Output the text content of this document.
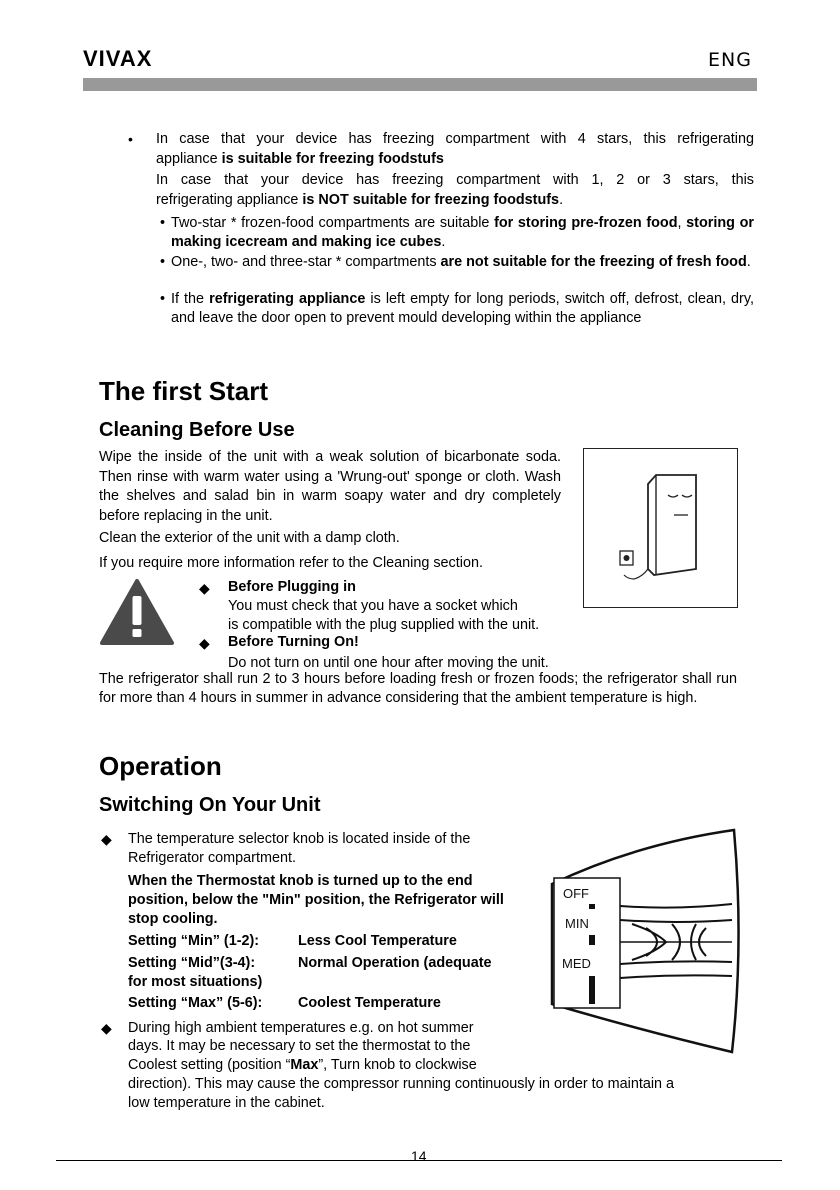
VIVAX	ENG
• In case that your device has freezing compartment with 4 stars, this refrigerating
appliance is suitable for freezing foodstufs
In case that your device has freezing compartment with 1, 2 or 3 stars, this
refrigerating appliance is NOT suitable for freezing foodstufs.
• Two-star * frozen-food compartments are suitable for storing pre-frozen food, storing or making icecream and making ice cubes.
• One-, two- and three-star * compartments are not suitable for the freezing of fresh food.
• If the refrigerating appliance is left empty for long periods, switch off, defrost, clean, dry, and leave the door open to prevent mould developing within the appliance
The first Start
Cleaning Before Use
Wipe the inside of the unit with a weak solution of bicarbonate soda. Then rinse with warm water using a 'Wrung-out' sponge or cloth. Wash the shelves and salad bin in warm soapy water and dry completely before replacing in the unit.
Clean the exterior of the unit with a damp cloth.
If you require more information refer to the Cleaning section.
◆ Before Plugging in
You must check that you have a socket which
is compatible with the plug supplied with the unit.
◆ Before Turning On!
Do not turn on until one hour after moving the unit.
The refrigerator shall run 2 to 3 hours before loading fresh or frozen foods; the refrigerator shall run for more than 4 hours in summer in advance considering that the ambient temperature is high.
Operation
Switching On Your Unit
◆ The temperature selector knob is located inside of the Refrigerator compartment.
When the Thermostat knob is turned up to the end position, below the "Min" position, the Refrigerator will stop cooling.
Setting “Min” (1-2):	Less Cool Temperature
Setting “Mid”(3-4):	Normal Operation (adequate
for most situations)
Setting “Max” (5-6): Coolest Temperature
◆ During high ambient temperatures e.g. on hot summer
days. It may be necessary to set the thermostat to the
Coolest setting (position “Max”, Turn knob to clockwise
direction). This may cause the compressor running continuously in order to maintain a
low temperature in the cabinet.
OFF
MIN
MED
14
